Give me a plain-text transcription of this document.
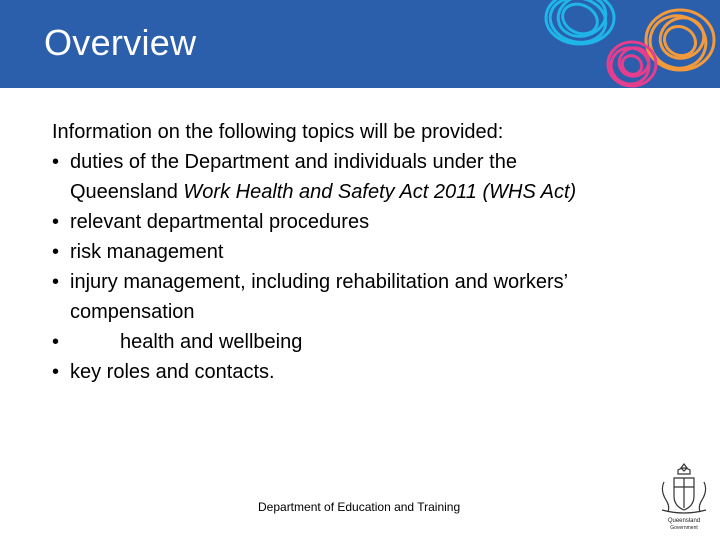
Overview

Information on the following topics will be provided:

• duties of the Department and individuals under the
Queensland Work Health and Safety Act 2011 (WHS Act)
• relevant departmental procedures
• risk management
• injury management, including rehabilitation and workers’
compensation
•	health and wellbeing
• key roles and contacts.
Department of Education and Training
Queensland
Government
